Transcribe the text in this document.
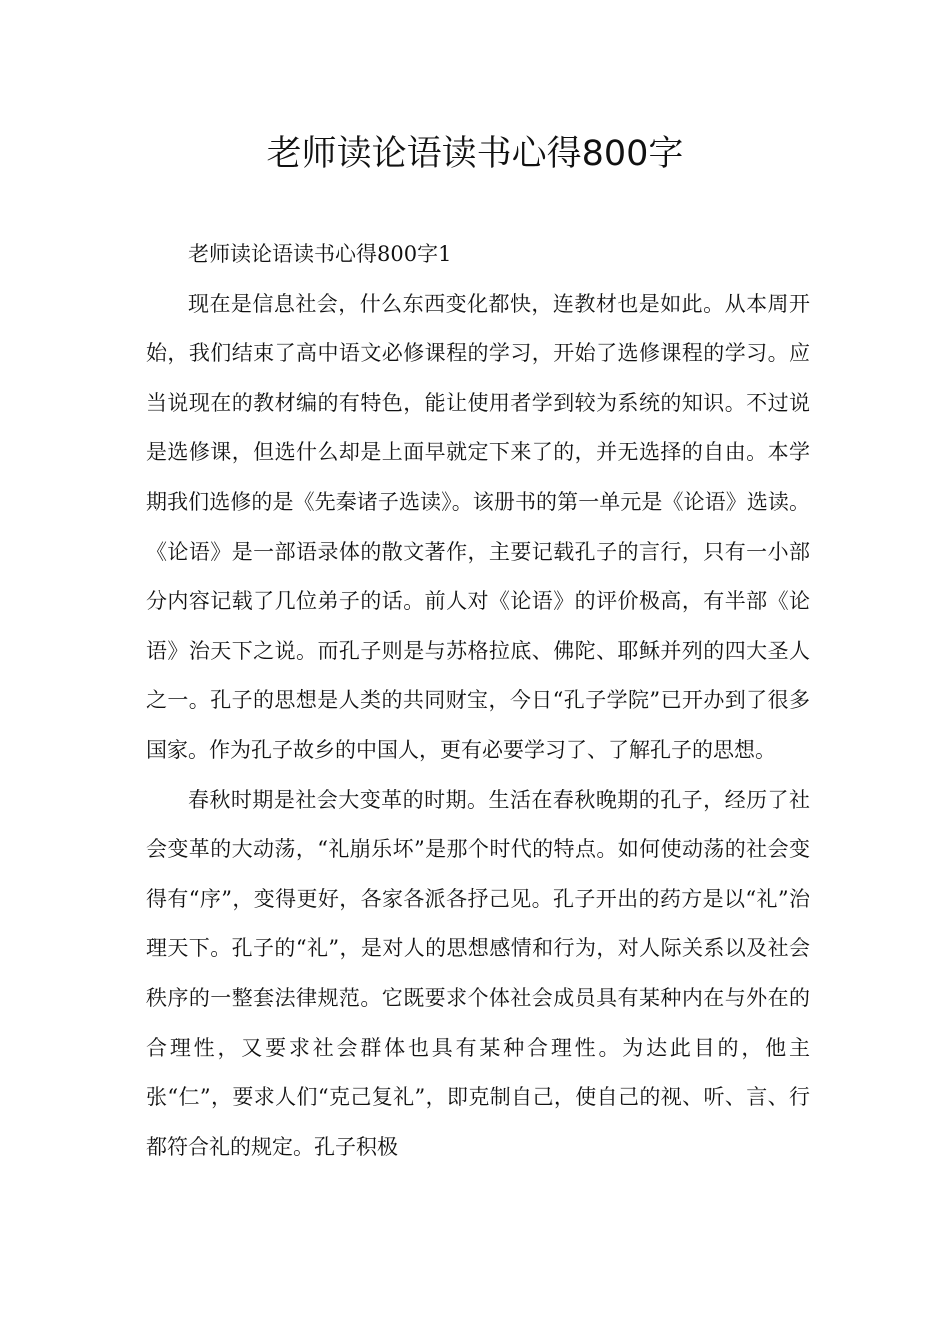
老师读论语读书心得800字

老师读论语读书心得800字1

现在是信息社会，什么东西变化都快，连教材也是如此。从本周开始，我们结束了高中语文必修课程的学习，开始了选修课程的学习。应当说现在的教材编的有特色，能让使用者学到较为系统的知识。不过说是选修课，但选什么却是上面早就定下来了的，并无选择的自由。本学期我们选修的是《先秦诸子选读》。该册书的第一单元是《论语》选读。《论语》是一部语录体的散文著作，主要记载孔子的言行，只有一小部分内容记载了几位弟子的话。前人对《论语》的评价极高，有半部《论语》治天下之说。而孔子则是与苏格拉底、佛陀、耶稣并列的四大圣人之一。孔子的思想是人类的共同财宝，今日“孔子学院”已开办到了很多国家。作为孔子故乡的中国人，更有必要学习了、了解孔子的思想。

春秋时期是社会大变革的时期。生活在春秋晚期的孔子，经历了社会变革的大动荡，“礼崩乐坏”是那个时代的特点。如何使动荡的社会变得有“序”，变得更好，各家各派各抒己见。孔子开出的药方是以“礼”治理天下。孔子的“礼”，是对人的思想感情和行为，对人际关系以及社会秩序的一整套法律规范。它既要求个体社会成员具有某种内在与外在的合理性，又要求社会群体也具有某种合理性。为达此目的，他主张“仁”，要求人们“克己复礼”，即克制自己，使自己的视、听、言、行都符合礼的规定。孔子积极
